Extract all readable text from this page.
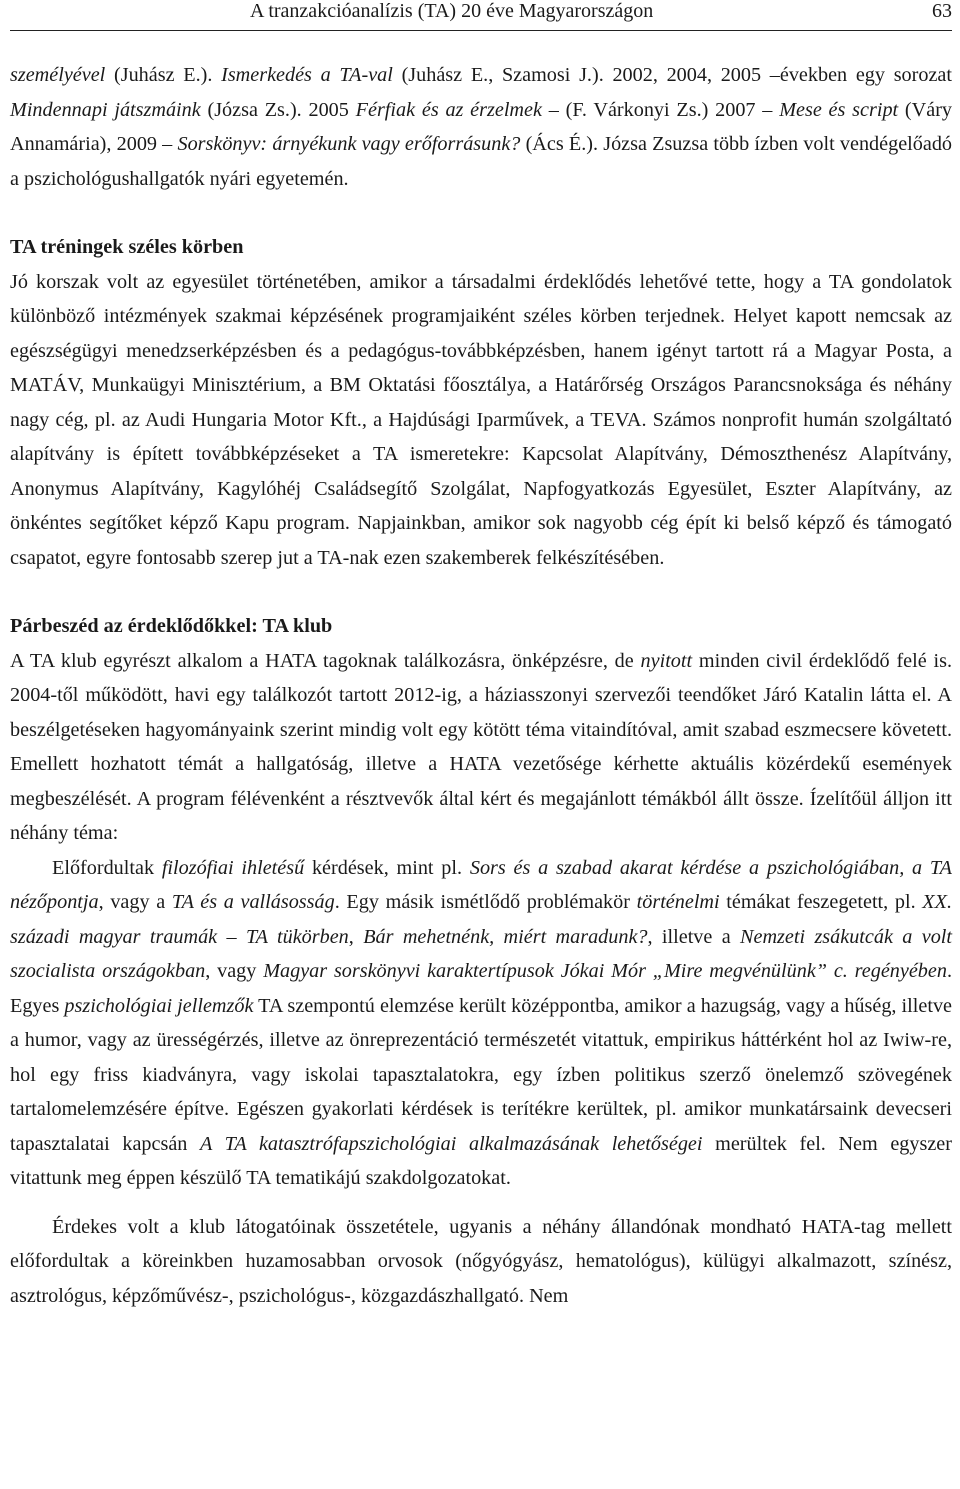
A tranzakcióanalízis (TA) 20 éve Magyarországon	63

személyével (Juhász E.). Ismerkedés a TA-val (Juhász E., Szamosi J.). 2002, 2004, 2005 –években egy sorozat Mindennapi játszmáink (Józsa Zs.). 2005 Férfiak és az érzelmek – (F. Várkonyi Zs.) 2007 – Mese és script (Váry Annamária), 2009 – Sorskönyv: árnyékunk vagy erőforrásunk? (Ács É.). Józsa Zsuzsa több ízben volt vendégelőadó a pszichológushallgatók nyári egyetemén.

TA tréningek széles körben

Jó korszak volt az egyesület történetében, amikor a társadalmi érdeklődés lehetővé tette, hogy a TA gondolatok különböző intézmények szakmai képzésének programjaiként széles körben terjednek. Helyet kapott nemcsak az egészségügyi menedzserképzésben és a pedagógus-továbbképzésben, hanem igényt tartott rá a Magyar Posta, a MATÁV, Munkaügyi Minisztérium, a BM Oktatási főosztálya, a Határőrség Országos Parancsnoksága és néhány nagy cég, pl. az Audi Hungaria Motor Kft., a Hajdúsági Iparművek, a TEVA. Számos nonprofit humán szolgáltató alapítvány is épített továbbképzéseket a TA ismeretekre: Kapcsolat Alapítvány, Démoszthenész Alapítvány, Anonymus Alapítvány, Kagylóhéj Családsegítő Szolgálat, Napfogyatkozás Egyesület, Eszter Alapítvány, az önkéntes segítőket képző Kapu program. Napjainkban, amikor sok nagyobb cég épít ki belső képző és támogató csapatot, egyre fontosabb szerep jut a TA-nak ezen szakemberek felkészítésében.

Párbeszéd az érdeklődőkkel: TA klub

A TA klub egyrészt alkalom a HATA tagoknak találkozásra, önképzésre, de nyitott minden civil érdeklődő felé is. 2004-től működött, havi egy találkozót tartott 2012-ig, a háziasszonyi szervezői teendőket Járó Katalin látta el. A beszélgetéseken hagyományaink szerint mindig volt egy kötött téma vitaindítóval, amit szabad eszmecsere követett. Emellett hozhatott témát a hallgatóság, illetve a HATA vezetősége kérhette aktuális közérdekű események megbeszélését. A program félévenként a résztvevők által kért és megajánlott témákból állt össze. Ízelítőül álljon itt néhány téma:

Előfordultak filozófiai ihletésű kérdések, mint pl. Sors és a szabad akarat kérdése a pszichológiában, a TA nézőpontja, vagy a TA és a vallásosság. Egy másik ismétlődő problémakör történelmi témákat feszegetett, pl. XX. századi magyar traumák – TA tükörben, Bár mehetnénk, miért maradunk?, illetve a Nemzeti zsákutcák a volt szocialista országokban, vagy Magyar sorskönyvi karaktertípusok Jókai Mór „Mire megvénülünk” c. regényében. Egyes pszichológiai jellemzők TA szempontú elemzése került középpontba, amikor a hazugság, vagy a hűség, illetve a humor, vagy az ürességérzés, illetve az önreprezentáció természetét vitattuk, empirikus háttérként hol az Iwiw-re, hol egy friss kiadványra, vagy iskolai tapasztalatokra, egy ízben politikus szerző önelemző szövegének tartalomelemzésére építve. Egészen gyakorlati kérdések is terítékre kerültek, pl. amikor munkatársaink devecseri tapasztalatai kapcsán A TA katasztrófapszichológiai alkalmazásának lehetőségei merültek fel. Nem egyszer vitattunk meg éppen készülő TA tematikájú szakdolgozatokat.

Érdekes volt a klub látogatóinak összetétele, ugyanis a néhány állandónak mondható HATA-tag mellett előfordultak a köreinkben huzamosabban orvosok (nőgyógyász, hematológus), külügyi alkalmazott, színész, asztrológus, képzőművész-, pszichológus-, közgazdászhallgató. Nem
